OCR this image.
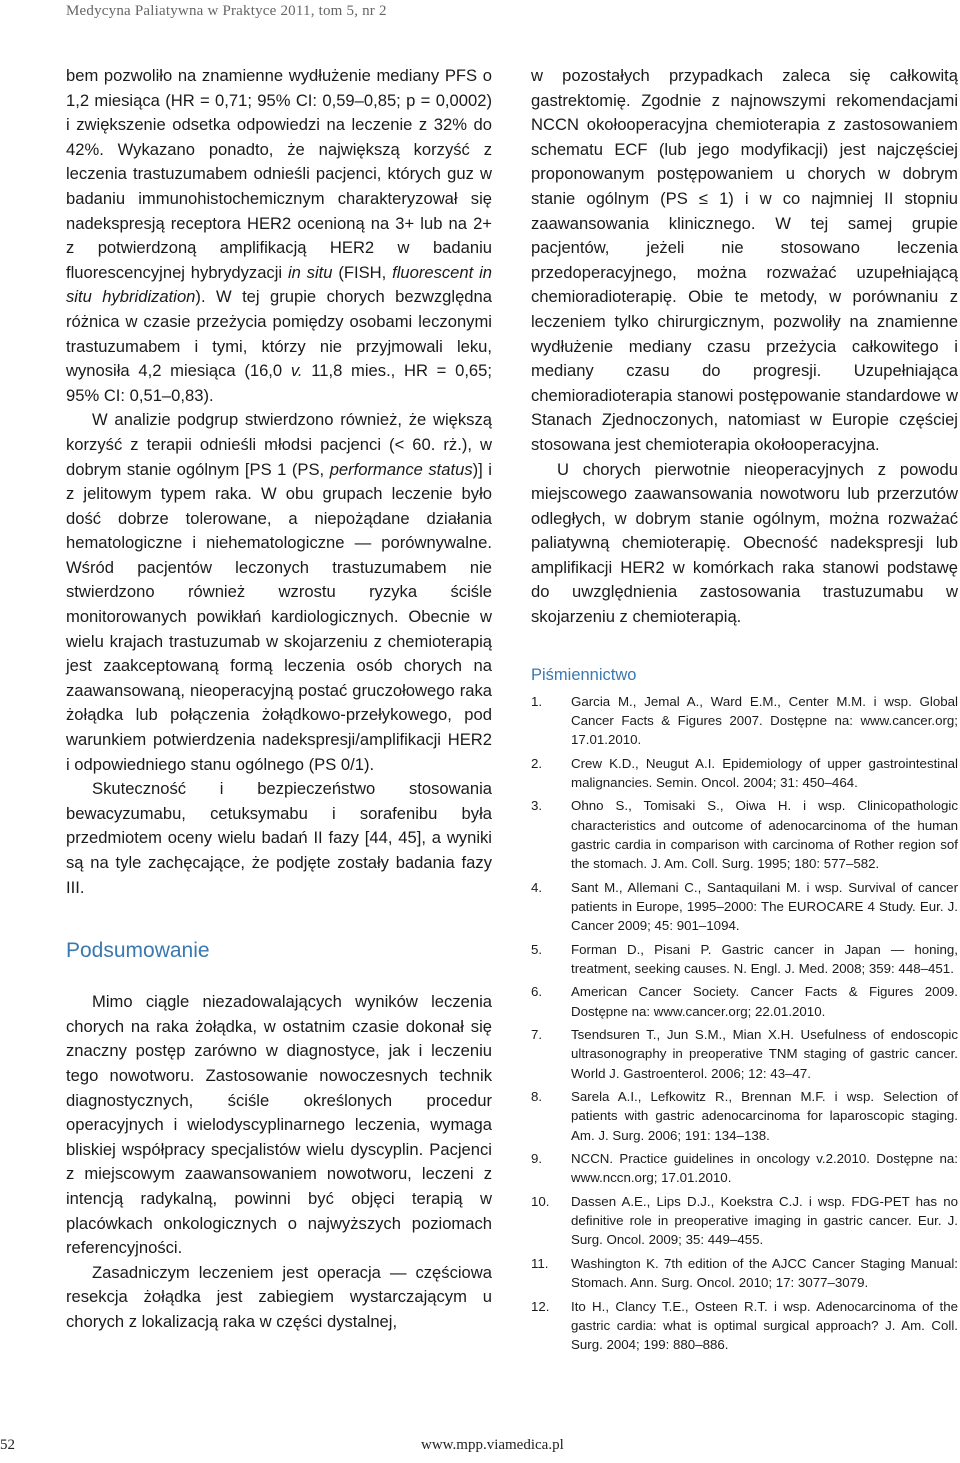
Medycyna Paliatywna w Praktyce 2011, tom 5, nr 2

bem pozwoliło na znamienne wydłużenie mediany PFS o 1,2 miesiąca (HR = 0,71; 95% CI: 0,59–0,85; p = 0,0002) i zwiększenie odsetka odpowiedzi na leczenie z 32% do 42%. Wykazano ponadto, że największą korzyść z leczenia trastuzumabem odnieśli pacjenci, których guz w badaniu immunohistochemicznym charakteryzował się nadekspresją receptora HER2 ocenioną na 3+ lub na 2+ z potwierdzoną amplifikacją HER2 w badaniu fluorescencyjnej hybrydyzacji in situ (FISH, fluorescent in situ hybridization). W tej grupie chorych bezwzględna różnica w czasie przeżycia pomiędzy osobami leczonymi trastuzumabem i tymi, którzy nie przyjmowali leku, wynosiła 4,2 miesiąca (16,0 v. 11,8 mies., HR = 0,65; 95% CI: 0,51–0,83).

W analizie podgrup stwierdzono również, że większą korzyść z terapii odnieśli młodsi pacjenci (< 60. rż.), w dobrym stanie ogólnym [PS 1 (PS, performance status)] i z jelitowym typem raka. W obu grupach leczenie było dość dobrze tolerowane, a niepożądane działania hematologiczne i niehematologiczne — porównywalne. Wśród pacjentów leczonych trastuzumabem nie stwierdzono również wzrostu ryzyka ściśle monitorowanych powikłań kardiologicznych. Obecnie w wielu krajach trastuzumab w skojarzeniu z chemioterapią jest zaakceptowaną formą leczenia osób chorych na zaawansowaną, nieoperacyjną postać gruczołowego raka żołądka lub połączenia żołądkowo-przełykowego, pod warunkiem potwierdzenia nadekspresji/amplifikacji HER2 i odpowiedniego stanu ogólnego (PS 0/1).

Skuteczność i bezpieczeństwo stosowania bewacyzumabu, cetuksymabu i sorafenibu była przedmiotem oceny wielu badań II fazy [44, 45], a wyniki są na tyle zachęcające, że podjęte zostały badania fazy III.

Podsumowanie

Mimo ciągle niezadowalających wyników leczenia chorych na raka żołądka, w ostatnim czasie dokonał się znaczny postęp zarówno w diagnostyce, jak i leczeniu tego nowotworu. Zastosowanie nowoczesnych technik diagnostycznych, ściśle określonych procedur operacyjnych i wielodyscyplinarnego leczenia, wymaga bliskiej współpracy specjalistów wielu dyscyplin. Pacjenci z miejscowym zaawansowaniem nowotworu, leczeni z intencją radykalną, powinni być objęci terapią w placówkach onkologicznych o najwyższych poziomach referencyjności.

Zasadniczym leczeniem jest operacja — częściowa resekcja żołądka jest zabiegiem wystarczającym u chorych z lokalizacją raka w części dystalnej,

w pozostałych przypadkach zaleca się całkowitą gastrektomię. Zgodnie z najnowszymi rekomendacjami NCCN okołooperacyjna chemioterapia z zastosowaniem schematu ECF (lub jego modyfikacji) jest najczęściej proponowanym postępowaniem u chorych w dobrym stanie ogólnym (PS ≤ 1) i w co najmniej II stopniu zaawansowania klinicznego. W tej samej grupie pacjentów, jeżeli nie stosowano leczenia przedoperacyjnego, można rozważać uzupełniającą chemioradioterapię. Obie te metody, w porównaniu z leczeniem tylko chirurgicznym, pozwoliły na znamienne wydłużenie mediany czasu przeżycia całkowitego i mediany czasu do progresji. Uzupełniająca chemioradioterapia stanowi postępowanie standardowe w Stanach Zjednoczonych, natomiast w Europie częściej stosowana jest chemioterapia okołooperacyjna.

U chorych pierwotnie nieoperacyjnych z powodu miejscowego zaawansowania nowotworu lub przerzutów odległych, w dobrym stanie ogólnym, można rozważać paliatywną chemioterapię. Obecność nadekspresji lub amplifikacji HER2 w komórkach raka stanowi podstawę do uwzględnienia zastosowania trastuzumabu w skojarzeniu z chemioterapią.

Piśmiennictwo
1. Garcia M., Jemal A., Ward E.M., Center M.M. i wsp. Global Cancer Facts & Figures 2007. Dostępne na: www.cancer.org; 17.01.2010.
2. Crew K.D., Neugut A.I. Epidemiology of upper gastrointestinal malignancies. Semin. Oncol. 2004; 31: 450–464.
3. Ohno S., Tomisaki S., Oiwa H. i wsp. Clinicopathologic characteristics and outcome of adenocarcinoma of the human gastric cardia in comparison with carcinoma of Rother region sof the stomach. J. Am. Coll. Surg. 1995; 180: 577–582.
4. Sant M., Allemani C., Santaquilani M. i wsp. Survival of cancer patients in Europe, 1995–2000: The EUROCARE 4 Study. Eur. J. Cancer 2009; 45: 901–1094.
5. Forman D., Pisani P. Gastric cancer in Japan — honing, treatment, seeking causes. N. Engl. J. Med. 2008; 359: 448–451.
6. American Cancer Society. Cancer Facts & Figures 2009. Dostępne na: www.cancer.org; 22.01.2010.
7. Tsendsuren T., Jun S.M., Mian X.H. Usefulness of endoscopic ultrasonography in preoperative TNM staging of gastric cancer. World J. Gastroenterol. 2006; 12: 43–47.
8. Sarela A.I., Lefkowitz R., Brennan M.F. i wsp. Selection of patients with gastric adenocarcinoma for laparoscopic staging. Am. J. Surg. 2006; 191: 134–138.
9. NCCN. Practice guidelines in oncology v.2.2010. Dostępne na: www.nccn.org; 17.01.2010.
10. Dassen A.E., Lips D.J., Koekstra C.J. i wsp. FDG-PET has no definitive role in preoperative imaging in gastric cancer. Eur. J. Surg. Oncol. 2009; 35: 449–455.
11. Washington K. 7th edition of the AJCC Cancer Staging Manual: Stomach. Ann. Surg. Oncol. 2010; 17: 3077–3079.
12. Ito H., Clancy T.E., Osteen R.T. i wsp. Adenocarcinoma of the gastric cardia: what is optimal surgical approach? J. Am. Coll. Surg. 2004; 199: 880–886.
52	www.mpp.viamedica.pl
